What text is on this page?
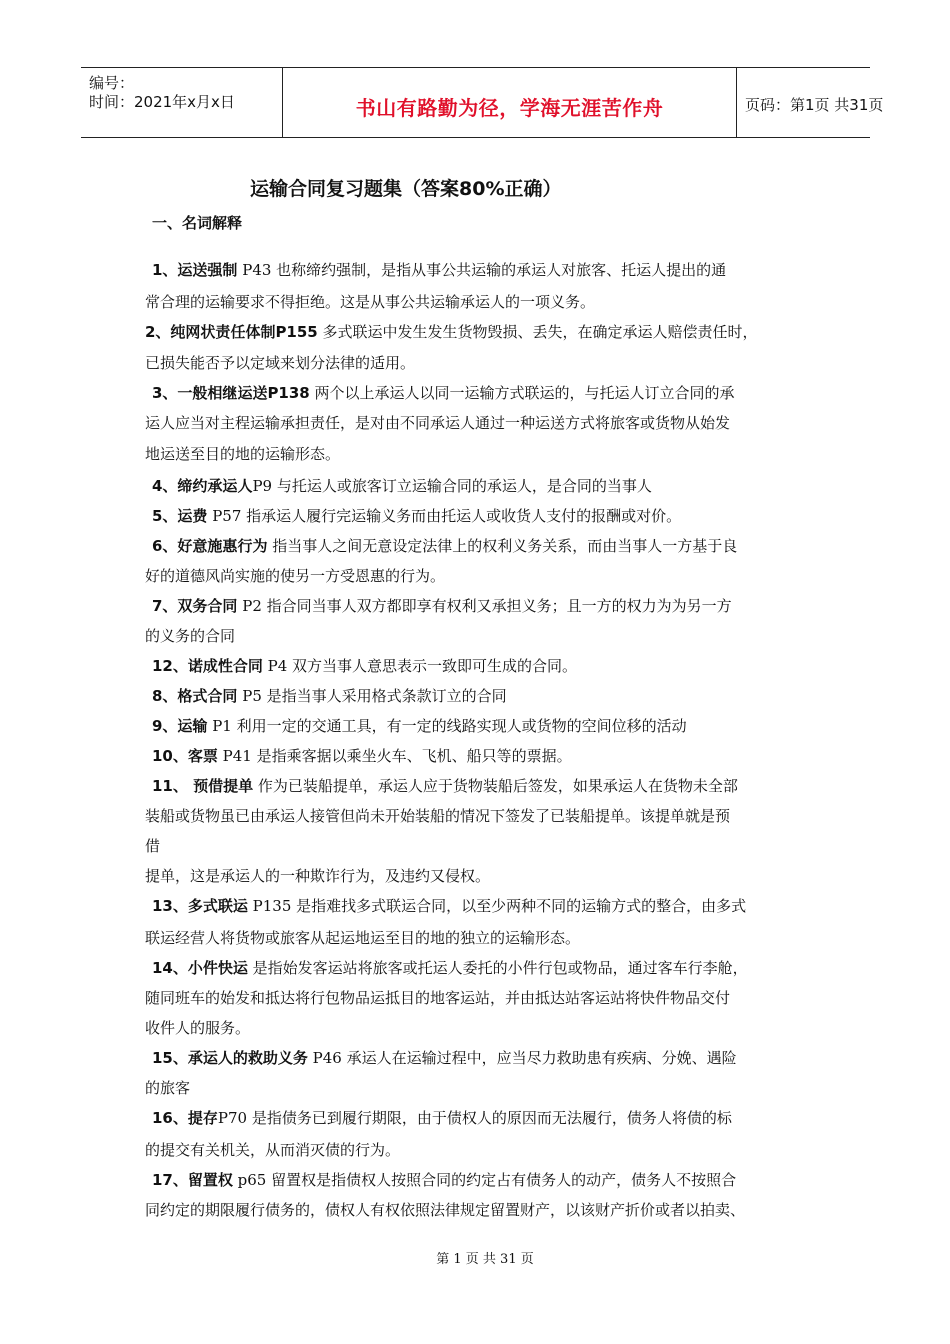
编号：
时间：2021年x月x日	书山有路勤为径，学海无涯苦作舟	页码：第1页 共31页
运输合同复习题集（答案80%正确）
一、名词解释
1、运送强制 P43 也称缔约强制，是指从事公共运输的承运人对旅客、托运人提出的通
常合理的运输要求不得拒绝。这是从事公共运输承运人的一项义务。
2、纯网状责任体制P155 多式联运中发生发生货物毁损、丢失，在确定承运人赔偿责任时，
已损失能否予以定域来划分法律的适用。
3、一般相继运送P138 两个以上承运人以同一运输方式联运的，与托运人订立合同的承
运人应当对主程运输承担责任，是对由不同承运人通过一种运送方式将旅客或货物从始发
地运送至目的地的运输形态。
4、缔约承运人P9 与托运人或旅客订立运输合同的承运人，是合同的当事人
5、运费 P57 指承运人履行完运输义务而由托运人或收货人支付的报酬或对价。
6、好意施惠行为 指当事人之间无意设定法律上的权利义务关系，而由当事人一方基于良
好的道德风尚实施的使另一方受恩惠的行为。
7、双务合同 P2 指合同当事人双方都即享有权利又承担义务；且一方的权力为为另一方
的义务的合同
12、诺成性合同 P4 双方当事人意思表示一致即可生成的合同。
8、格式合同 P5 是指当事人采用格式条款订立的合同
9、运输 P1 利用一定的交通工具，有一定的线路实现人或货物的空间位移的活动
10、客票 P41 是指乘客据以乘坐火车、飞机、船只等的票据。
11、 预借提单 作为已装船提单，承运人应于货物装船后签发，如果承运人在货物未全部
装船或货物虽已由承运人接管但尚未开始装船的情况下签发了已装船提单。该提单就是预
借
提单，这是承运人的一种欺诈行为，及违约又侵权。
13、多式联运 P135 是指难找多式联运合同，以至少两种不同的运输方式的整合，由多式
联运经营人将货物或旅客从起运地运至目的地的独立的运输形态。
14、小件快运 是指始发客运站将旅客或托运人委托的小件行包或物品，通过客车行李舱，
随同班车的始发和抵达将行包物品运抵目的地客运站，并由抵达站客运站将快件物品交付
收件人的服务。
15、承运人的救助义务 P46 承运人在运输过程中，应当尽力救助患有疾病、分娩、遇险
的旅客
16、提存P70 是指债务已到履行期限，由于债权人的原因而无法履行，债务人将债的标
的提交有关机关，从而消灭债的行为。
17、留置权 p65 留置权是指债权人按照合同的约定占有债务人的动产，债务人不按照合
同约定的期限履行债务的，债权人有权依照法律规定留置财产，以该财产折价或者以拍卖、
第 1 页 共 31 页
